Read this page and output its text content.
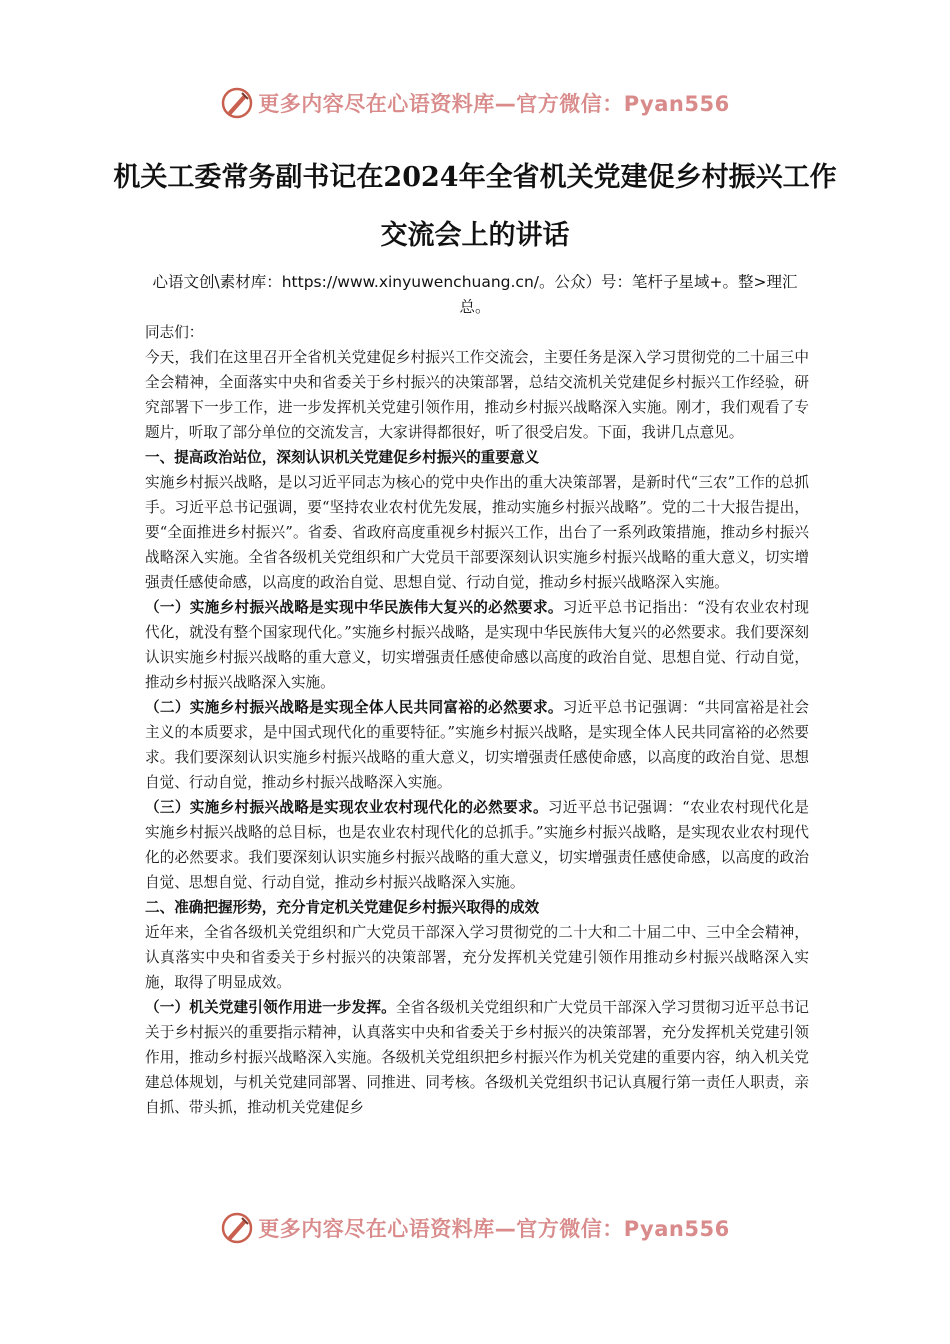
更多内容尽在心语资料库—官方微信：Pyan556
机关工委常务副书记在2024年全省机关党建促乡村振兴工作交流会上的讲话
心语文创\素材库：https://www.xinyuwenchuang.cn/。公众）号：笔杆子星域+。整>理汇总。

同志们：

今天，我们在这里召开全省机关党建促乡村振兴工作交流会，主要任务是深入学习贯彻党的二十届三中全会精神，全面落实中央和省委关于乡村振兴的决策部署，总结交流机关党建促乡村振兴工作经验，研究部署下一步工作，进一步发挥机关党建引领作用，推动乡村振兴战略深入实施。刚才，我们观看了专题片，听取了部分单位的交流发言，大家讲得都很好，听了很受启发。下面，我讲几点意见。

一、提高政治站位，深刻认识机关党建促乡村振兴的重要意义

实施乡村振兴战略，是以习近平同志为核心的党中央作出的重大决策部署，是新时代“三农”工作的总抓手。习近平总书记强调，要“坚持农业农村优先发展，推动实施乡村振兴战略”。党的二十大报告提出，要“全面推进乡村振兴”。省委、省政府高度重视乡村振兴工作，出台了一系列政策措施，推动乡村振兴战略深入实施。全省各级机关党组织和广大党员干部要深刻认识实施乡村振兴战略的重大意义，切实增强责任感使命感，以高度的政治自觉、思想自觉、行动自觉，推动乡村振兴战略深入实施。

（一）实施乡村振兴战略是实现中华民族伟大复兴的必然要求。习近平总书记指出：“没有农业农村现代化，就没有整个国家现代化。”实施乡村振兴战略，是实现中华民族伟大复兴的必然要求。我们要深刻认识实施乡村振兴战略的重大意义，切实增强责任感使命感以高度的政治自觉、思想自觉、行动自觉，推动乡村振兴战略深入实施。

（二）实施乡村振兴战略是实现全体人民共同富裕的必然要求。习近平总书记强调：“共同富裕是社会主义的本质要求，是中国式现代化的重要特征。”实施乡村振兴战略，是实现全体人民共同富裕的必然要求。我们要深刻认识实施乡村振兴战略的重大意义，切实增强责任感使命感，以高度的政治自觉、思想自觉、行动自觉，推动乡村振兴战略深入实施。

（三）实施乡村振兴战略是实现农业农村现代化的必然要求。习近平总书记强调：“农业农村现代化是实施乡村振兴战略的总目标，也是农业农村现代化的总抓手。”实施乡村振兴战略，是实现农业农村现代化的必然要求。我们要深刻认识实施乡村振兴战略的重大意义，切实增强责任感使命感，以高度的政治自觉、思想自觉、行动自觉，推动乡村振兴战略深入实施。

二、准确把握形势，充分肯定机关党建促乡村振兴取得的成效

近年来，全省各级机关党组织和广大党员干部深入学习贯彻党的二十大和二十届二中、三中全会精神，认真落实中央和省委关于乡村振兴的决策部署，充分发挥机关党建引领作用推动乡村振兴战略深入实施，取得了明显成效。

（一）机关党建引领作用进一步发挥。全省各级机关党组织和广大党员干部深入学习贯彻习近平总书记关于乡村振兴的重要指示精神，认真落实中央和省委关于乡村振兴的决策部署，充分发挥机关党建引领作用，推动乡村振兴战略深入实施。各级机关党组织把乡村振兴作为机关党建的重要内容，纳入机关党建总体规划，与机关党建同部署、同推进、同考核。各级机关党组织书记认真履行第一责任人职责，亲自抓、带头抓，推动机关党建促乡

更多内容尽在心语资料库—官方微信：Pyan556
